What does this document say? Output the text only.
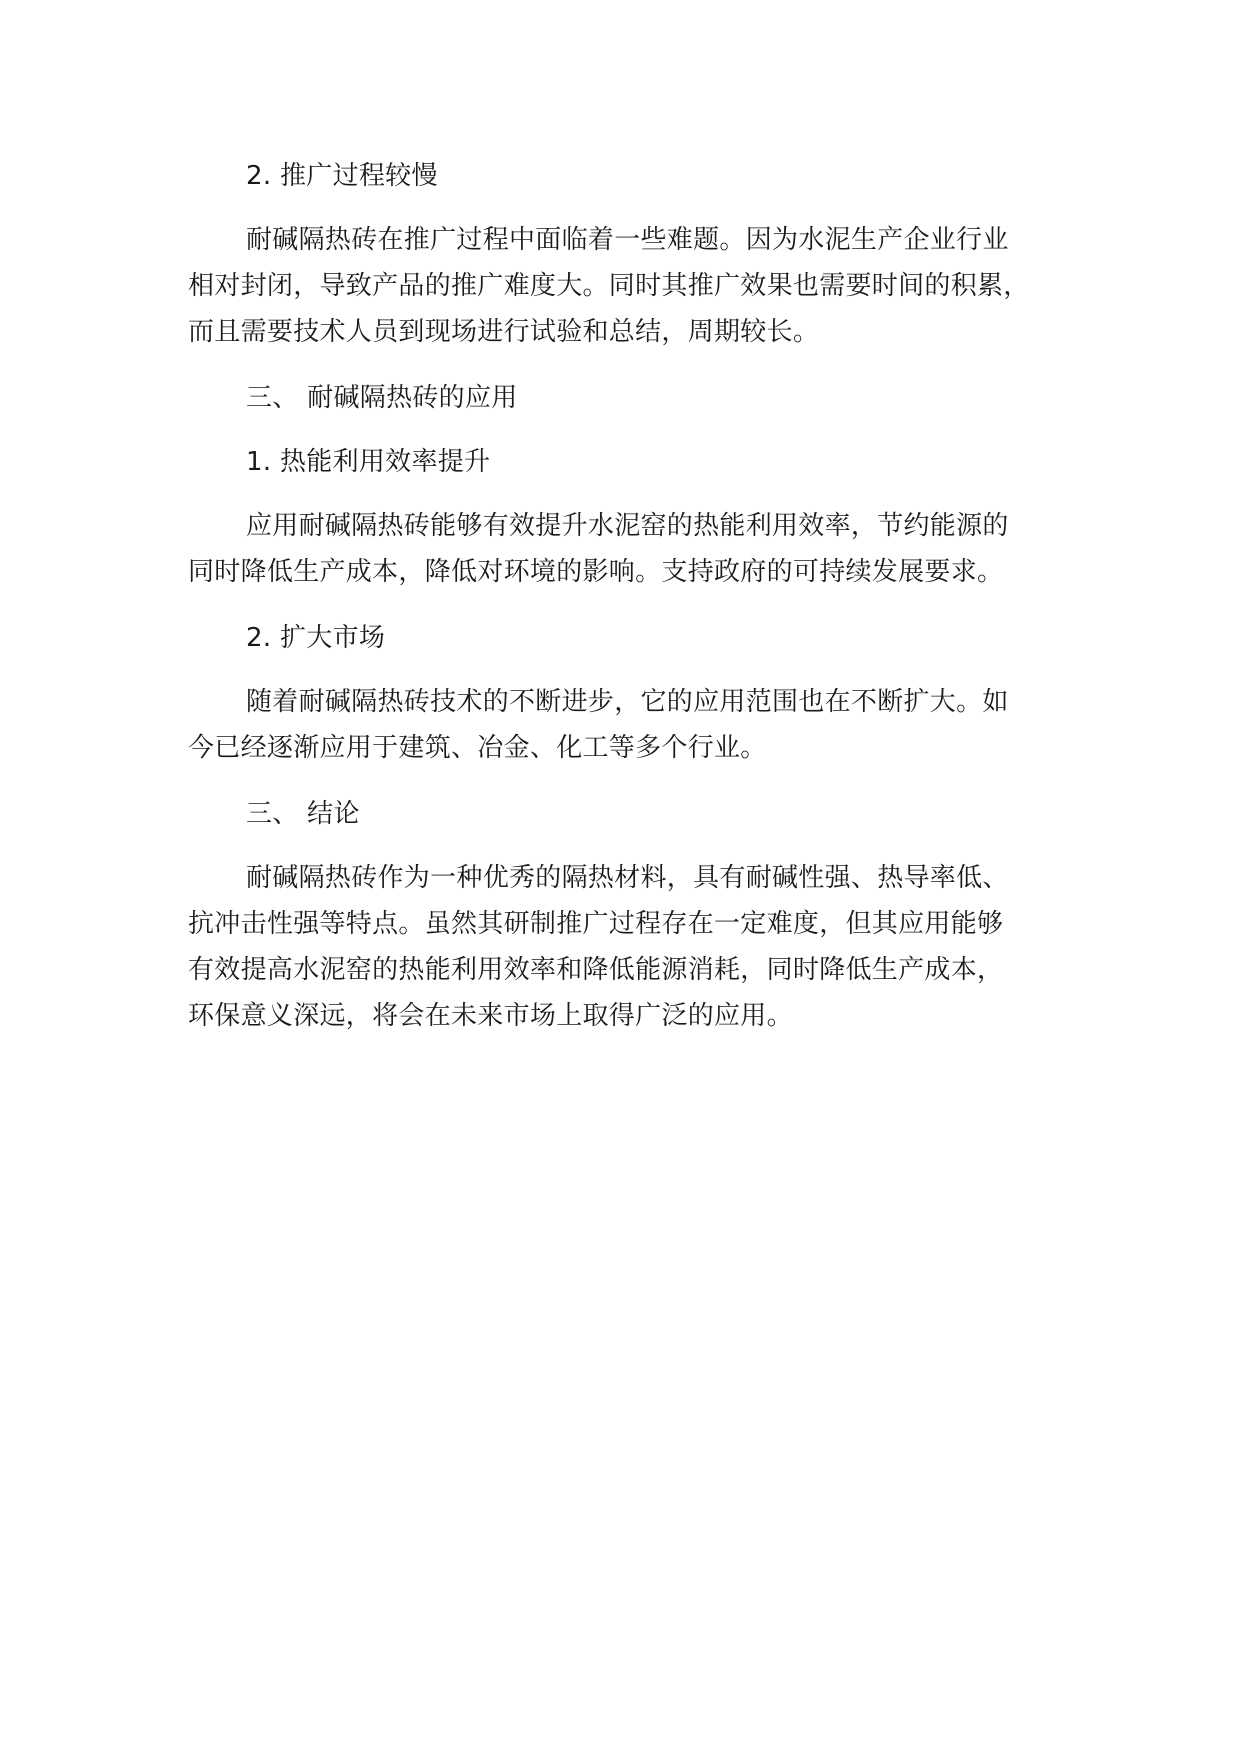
2. 推广过程较慢
耐碱隔热砖在推广过程中面临着一些难题。因为水泥生产企业行业
相对封闭，导致产品的推广难度大。同时其推广效果也需要时间的积累，
而且需要技术人员到现场进行试验和总结，周期较长。
三、 耐碱隔热砖的应用
1. 热能利用效率提升
应用耐碱隔热砖能够有效提升水泥窑的热能利用效率，节约能源的
同时降低生产成本，降低对环境的影响。支持政府的可持续发展要求。
2. 扩大市场
随着耐碱隔热砖技术的不断进步，它的应用范围也在不断扩大。如
今已经逐渐应用于建筑、冶金、化工等多个行业。
三、 结论
耐碱隔热砖作为一种优秀的隔热材料，具有耐碱性强、热导率低、
抗冲击性强等特点。虽然其研制推广过程存在一定难度，但其应用能够
有效提高水泥窑的热能利用效率和降低能源消耗，同时降低生产成本，
环保意义深远，将会在未来市场上取得广泛的应用。
